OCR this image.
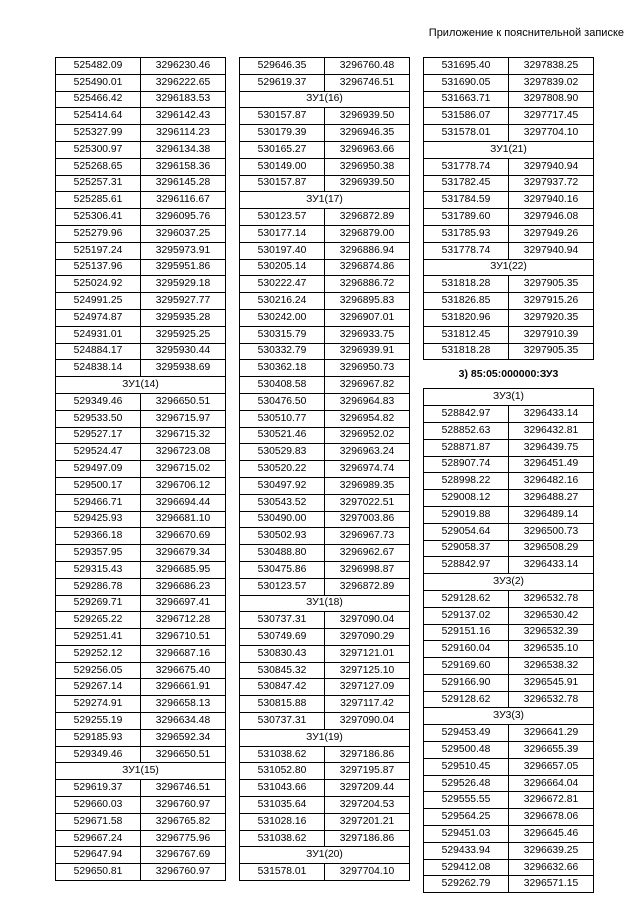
Приложение к пояснительной записке
525482.09	3296230.46
525490.01	3296222.65
525466.42	3296183.53
525414.64	3296142.43
525327.99	3296114.23
525300.97	3296134.38
525268.65	3296158.36
525257.31	3296145.28
525285.61	3296116.67
525306.41	3296095.76
525279.96	3296037.25
525197.24	3295973.91
525137.96	3295951.86
525024.92	3295929.18
524991.25	3295927.77
524974.87	3295935.28
524931.01	3295925.25
524884.17	3295930.44
524838.14	3295938.69
ЗУ1(14)	
529349.46	3296650.51
529533.50	3296715.97
529527.17	3296715.32
529524.47	3296723.08
529497.09	3296715.02
529500.17	3296706.12
529466.71	3296694.44
529425.93	3296681.10
529366.18	3296670.69
529357.95	3296679.34
529315.43	3296685.95
529286.78	3296686.23
529269.71	3296697.41
529265.22	3296712.28
529251.41	3296710.51
529252.12	3296687.16
529256.05	3296675.40
529267.14	3296661.91
529274.91	3296658.13
529255.19	3296634.48
529185.93	3296592.34
529349.46	3296650.51
ЗУ1(15)	
529619.37	3296746.51
529660.03	3296760.97
529671.58	3296765.82
529667.24	3296775.96
529647.94	3296767.69
529650.81	3296760.97
529646.35	3296760.48
529619.37	3296746.51
ЗУ1(16)	
530157.87	3296939.50
530179.39	3296946.35
530165.27	3296963.66
530149.00	3296950.38
530157.87	3296939.50
ЗУ1(17)	
530123.57	3296872.89
530177.14	3296879.00
530197.40	3296886.94
530205.14	3296874.86
530222.47	3296886.72
530216.24	3296895.83
530242.00	3296907.01
530315.79	3296933.75
530332.79	3296939.91
530362.18	3296950.73
530408.58	3296967.82
530476.50	3296964.83
530510.77	3296954.82
530521.46	3296952.02
530529.83	3296963.24
530520.22	3296974.74
530497.92	3296989.35
530543.52	3297022.51
530490.00	3297003.86
530502.93	3296967.73
530488.80	3296962.67
530475.86	3296998.87
530123.57	3296872.89
ЗУ1(18)	
530737.31	3297090.04
530749.69	3297090.29
530830.43	3297121.01
530845.32	3297125.10
530847.42	3297127.09
530815.88	3297117.42
530737.31	3297090.04
ЗУ1(19)	
531038.62	3297186.86
531052.80	3297195.87
531043.66	3297209.44
531035.64	3297204.53
531028.16	3297201.21
531038.62	3297186.86
ЗУ1(20)	
531578.01	3297704.10
531695.40	3297838.25
531690.05	3297839.02
531663.71	3297808.90
531586.07	3297717.45
531578.01	3297704.10
ЗУ1(21)	
531778.74	3297940.94
531782.45	3297937.72
531784.59	3297940.16
531789.60	3297946.08
531785.93	3297949.26
531778.74	3297940.94
ЗУ1(22)	
531818.28	3297905.35
531826.85	3297915.26
531820.96	3297920.35
531812.45	3297910.39
531818.28	3297905.35
3) 85:05:000000:ЗУ3
ЗУ3(1)	
528842.97	3296433.14
528852.63	3296432.81
528871.87	3296439.75
528907.74	3296451.49
528998.22	3296482.16
529008.12	3296488.27
529019.88	3296489.14
529054.64	3296500.73
529058.37	3296508.29
528842.97	3296433.14
ЗУ3(2)	
529128.62	3296532.78
529137.02	3296530.42
529151.16	3296532.39
529160.04	3296535.10
529169.60	3296538.32
529166.90	3296545.91
529128.62	3296532.78
ЗУ3(3)	
529453.49	3296641.29
529500.48	3296655.39
529510.45	3296657.05
529526.48	3296664.04
529555.55	3296672.81
529564.25	3296678.06
529451.03	3296645.46
529433.94	3296639.25
529412.08	3296632.66
529262.79	3296571.15
